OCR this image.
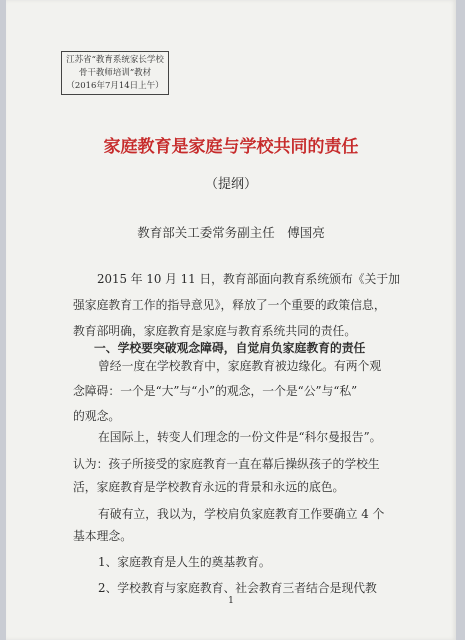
江苏省“教育系统家长学校
骨干教师培训”教材
（2016年7月14日上午）
家庭教育是家庭与学校共同的责任
（提纲）
教育部关工委常务副主任　傅国亮
2015 年 10 月 11 日，教育部面向教育系统颁布《关于加
强家庭教育工作的指导意见》，释放了一个重要的政策信息，
教育部明确，家庭教育是家庭与教育系统共同的责任。
一、学校要突破观念障碍，自觉肩负家庭教育的责任
曾经一度在学校教育中，家庭教育被边缘化。有两个观
念障碍：一个是“大”与“小”的观念，一个是“公”与“私”
的观念。
在国际上，转变人们理念的一份文件是“科尔曼报告”。
认为：孩子所接受的家庭教育一直在幕后操纵孩子的学校生
活，家庭教育是学校教育永远的背景和永远的底色。
有破有立，我以为，学校肩负家庭教育工作要确立 4 个
基本理念。
1、家庭教育是人生的奠基教育。
2、学校教育与家庭教育、社会教育三者结合是现代教
1
